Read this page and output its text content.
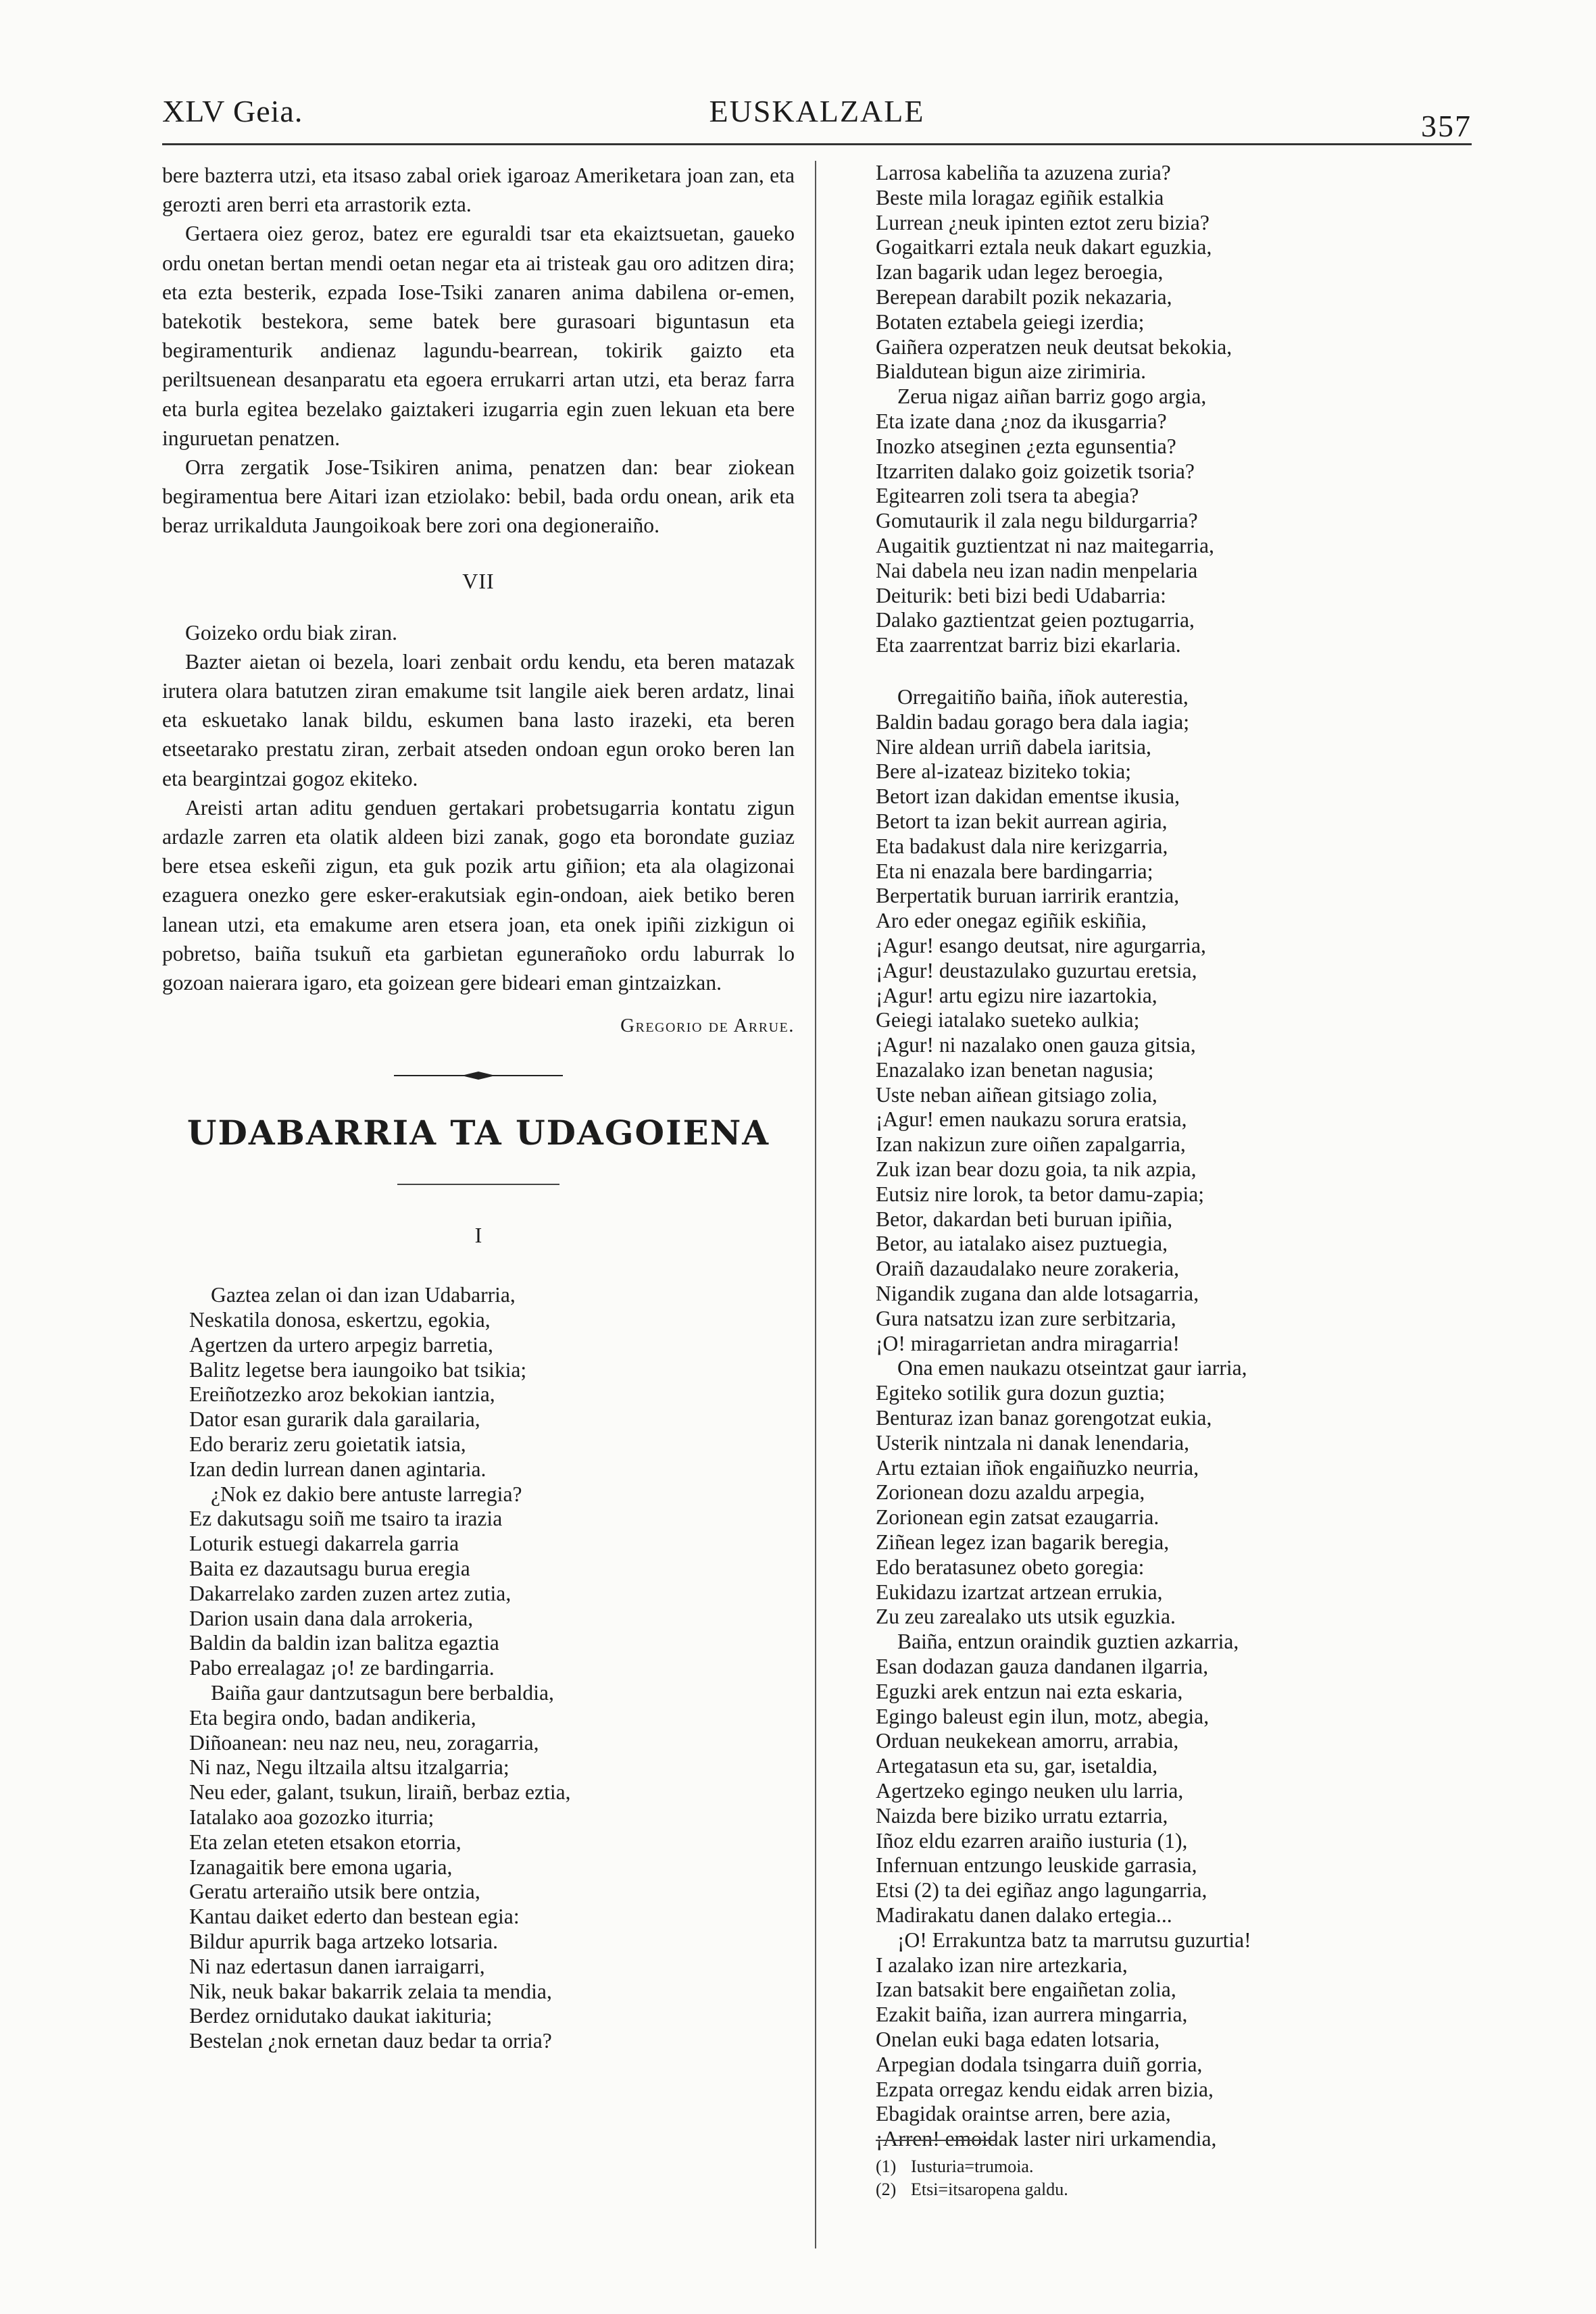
XLV Geia.	EUSKALZALE	357

bere bazterra utzi, eta itsaso zabal oriek igaroaz Ameriketara joan zan, eta gerozti aren berri eta arrastorik ezta.

Gertaera oiez geroz, batez ere eguraldi tsar eta ekaiztsuetan, gaueko ordu onetan bertan mendi oetan negar eta ai tristeak gau oro aditzen dira; eta ezta besterik, ezpada Iose-Tsiki zanaren anima dabilena or-emen, batekotik bestekora, seme batek bere gurasoari biguntasun eta begiramenturik andienaz lagundu-bearrean, tokirik gaizto eta periltsuenean desanparatu eta egoera errukarri artan utzi, eta beraz farra eta burla egitea bezelako gaiztakeri izugarria egin zuen lekuan eta bere inguruetan penatzen.

Orra zergatik Jose-Tsikiren anima, penatzen dan: bear ziokean begiramentua bere Aitari izan etziolako: bebil, bada ordu onean, arik eta beraz urrikalduta Jaungoikoak bere zori ona degioneraiño.

VII

Goizeko ordu biak ziran.

Bazter aietan oi bezela, loari zenbait ordu kendu, eta beren matazak irutera olara batutzen ziran emakume tsit langile aiek beren ardatz, linai eta eskuetako lanak bildu, eskumen bana lasto irazeki, eta beren etseetarako prestatu ziran, zerbait atseden ondoan egun oroko beren lan eta beargintzai gogoz ekiteko.

Areisti artan aditu genduen gertakari probetsugarria kontatu zigun ardazle zarren eta olatik aldeen bizi zanak, gogo eta borondate guziaz bere etsea eskeñi zigun, eta guk pozik artu giñion; eta ala olagizonai ezaguera onezko gere esker-erakutsiak egin-ondoan, aiek betiko beren lanean utzi, eta emakume aren etsera joan, eta onek ipiñi zizkigun oi pobretso, baiña tsukuñ eta garbietan egunerañoko ordu laburrak lo gozoan naierara igaro, eta goizean gere bideari eman gintzaizkan.

Gregorio de Arrue.
UDABARRIA TA UDAGOIENA
I
Gaztea zelan oi dan izan Udabarria,
Neskatila donosa, eskertzu, egokia,
Agertzen da urtero arpegiz barretia,
Balitz legetse bera iaungoiko bat tsikia;
Ereiñotzezko aroz bekokian iantzia,
Dator esan gurarik dala garailaria,
Edo berariz zeru goietatik iatsia,
Izan dedin lurrean danen agintaria.
¿Nok ez dakio bere antuste larregia?
Ez dakutsagu soiñ me tsairo ta irazia
Loturik estuegi dakarrela garria
Baita ez dazautsagu burua eregia
Dakarrelako zarden zuzen artez zutia,
Darion usain dana dala arrokeria,
Baldin da baldin izan balitza egaztia
Pabo errealagaz ¡o! ze bardingarria.
Baiña gaur dantzutsagun bere berbaldia,
Eta begira ondo, badan andikeria,
Diñoanean: neu naz neu, neu, zoragarria,
Ni naz, Negu iltzaila altsu itzalgarria;
Neu eder, galant, tsukun, liraiñ, berbaz eztia,
Iatalako aoa gozozko iturria;
Eta zelan eteten etsakon etorria,
Izanagaitik bere emona ugaria,
Geratu arteraiño utsik bere ontzia,
Kantau daiket ederto dan bestean egia:
Bildur apurrik baga artzeko lotsaria.
Ni naz edertasun danen iarraigarri,
Nik, neuk bakar bakarrik zelaia ta mendia,
Berdez ornidutako daukat iakituria;
Bestelan ¿nok ernetan dauz bedar ta orria?
Larrosa kabeliña ta azuzena zuria?
Beste mila loragaz egiñik estalkia
Lurrean ¿neuk ipinten eztot zeru bizia?
Gogaitkarri eztala neuk dakart eguzkia,
Izan bagarik udan legez beroegia,
Berepean darabilt pozik nekazaria,
Botaten eztabela geiegi izerdia;
Gaiñera ozperatzen neuk deutsat bekokia,
Bialdutean bigun aize zirimiria.
Zerua nigaz aiñan barriz gogo argia,
Eta izate dana ¿noz da ikusgarria?
Inozko atseginen ¿ezta egunsentia?
Itzarriten dalako goiz goizetik tsoria?
Egitearren zoli tsera ta abegia?
Gomutaurik il zala negu bildurgarria?
Augaitik guztientzat ni naz maitegarria,
Nai dabela neu izan nadin menpelaria
Deiturik: beti bizi bedi Udabarria:
Dalako gaztientzat geien poztugarria,
Eta zaarrentzat barriz bizi ekarlaria.
Orregaitiño baiña, iñok auterestia,
Baldin badau gorago bera dala iagia;
Nire aldean urriñ dabela iaritsia,
Bere al-izateaz biziteko tokia;
Betort izan dakidan ementse ikusia,
Betort ta izan bekit aurrean agiria,
Eta badakust dala nire kerizgarria,
Eta ni enazala bere bardingarria;
Berpertatik buruan iarririk erantzia,
Aro eder onegaz egiñik eskiñia,
¡Agur! esango deutsat, nire agurgarria,
¡Agur! deustazulako guzurtau eretsia,
¡Agur! artu egizu nire iazartokia,
Geiegi iatalako sueteko aulkia;
¡Agur! ni nazalako onen gauza gitsia,
Enazalako izan benetan nagusia;
Uste neban aiñean gitsiago zolia,
¡Agur! emen naukazu sorura eratsia,
Izan nakizun zure oiñen zapalgarria,
Zuk izan bear dozu goia, ta nik azpia,
Eutsiz nire lorok, ta betor damu-zapia;
Betor, dakardan beti buruan ipiñia,
Betor, au iatalako aisez puztuegia,
Oraiñ dazaudalako neure zorakeria,
Nigandik zugana dan alde lotsagarria,
Gura natsatzu izan zure serbitzaria,
¡O! miragarrietan andra miragarria!
Ona emen naukazu otseintzat gaur iarria,
Egiteko sotilik gura dozun guztia;
Benturaz izan banaz gorengotzat eukia,
Usterik nintzala ni danak lenendaria,
Artu eztaian iñok engaiñuzko neurria,
Zorionean dozu azaldu arpegia,
Zorionean egin zatsat ezaugarria.
Ziñean legez izan bagarik beregia,
Edo beratasunez obeto goregia:
Eukidazu izartzat artzean errukia,
Zu zeu zarealako uts utsik eguzkia.
Baiña, entzun oraindik guztien azkarria,
Esan dodazan gauza dandanen ilgarria,
Eguzki arek entzun nai ezta eskaria,
Egingo baleust egin ilun, motz, abegia,
Orduan neukekean amorru, arrabia,
Artegatasun eta su, gar, isetaldia,
Agertzeko egingo neuken ulu larria,
Naizda bere biziko urratu eztarria,
Iñoz eldu ezarren araiño iusturia (1),
Infernuan entzungo leuskide garrasia,
Etsi (2) ta dei egiñaz ango lagungarria,
Madirakatu danen dalako ertegia...
¡O! Errakuntza batz ta marrutsu guzurtia!
I azalako izan nire artezkaria,
Izan batsakit bere engaiñetan zolia,
Ezakit baiña, izan aurrera mingarria,
Onelan euki baga edaten lotsaria,
Arpegian dodala tsingarra duiñ gorria,
Ezpata orregaz kendu eidak arren bizia,
Ebagidak oraintse arren, bere azia,
¡Arren! emoidak laster niri urkamendia,
(1) Iusturia=trumoia.
(2) Etsi=itsaropena galdu.
